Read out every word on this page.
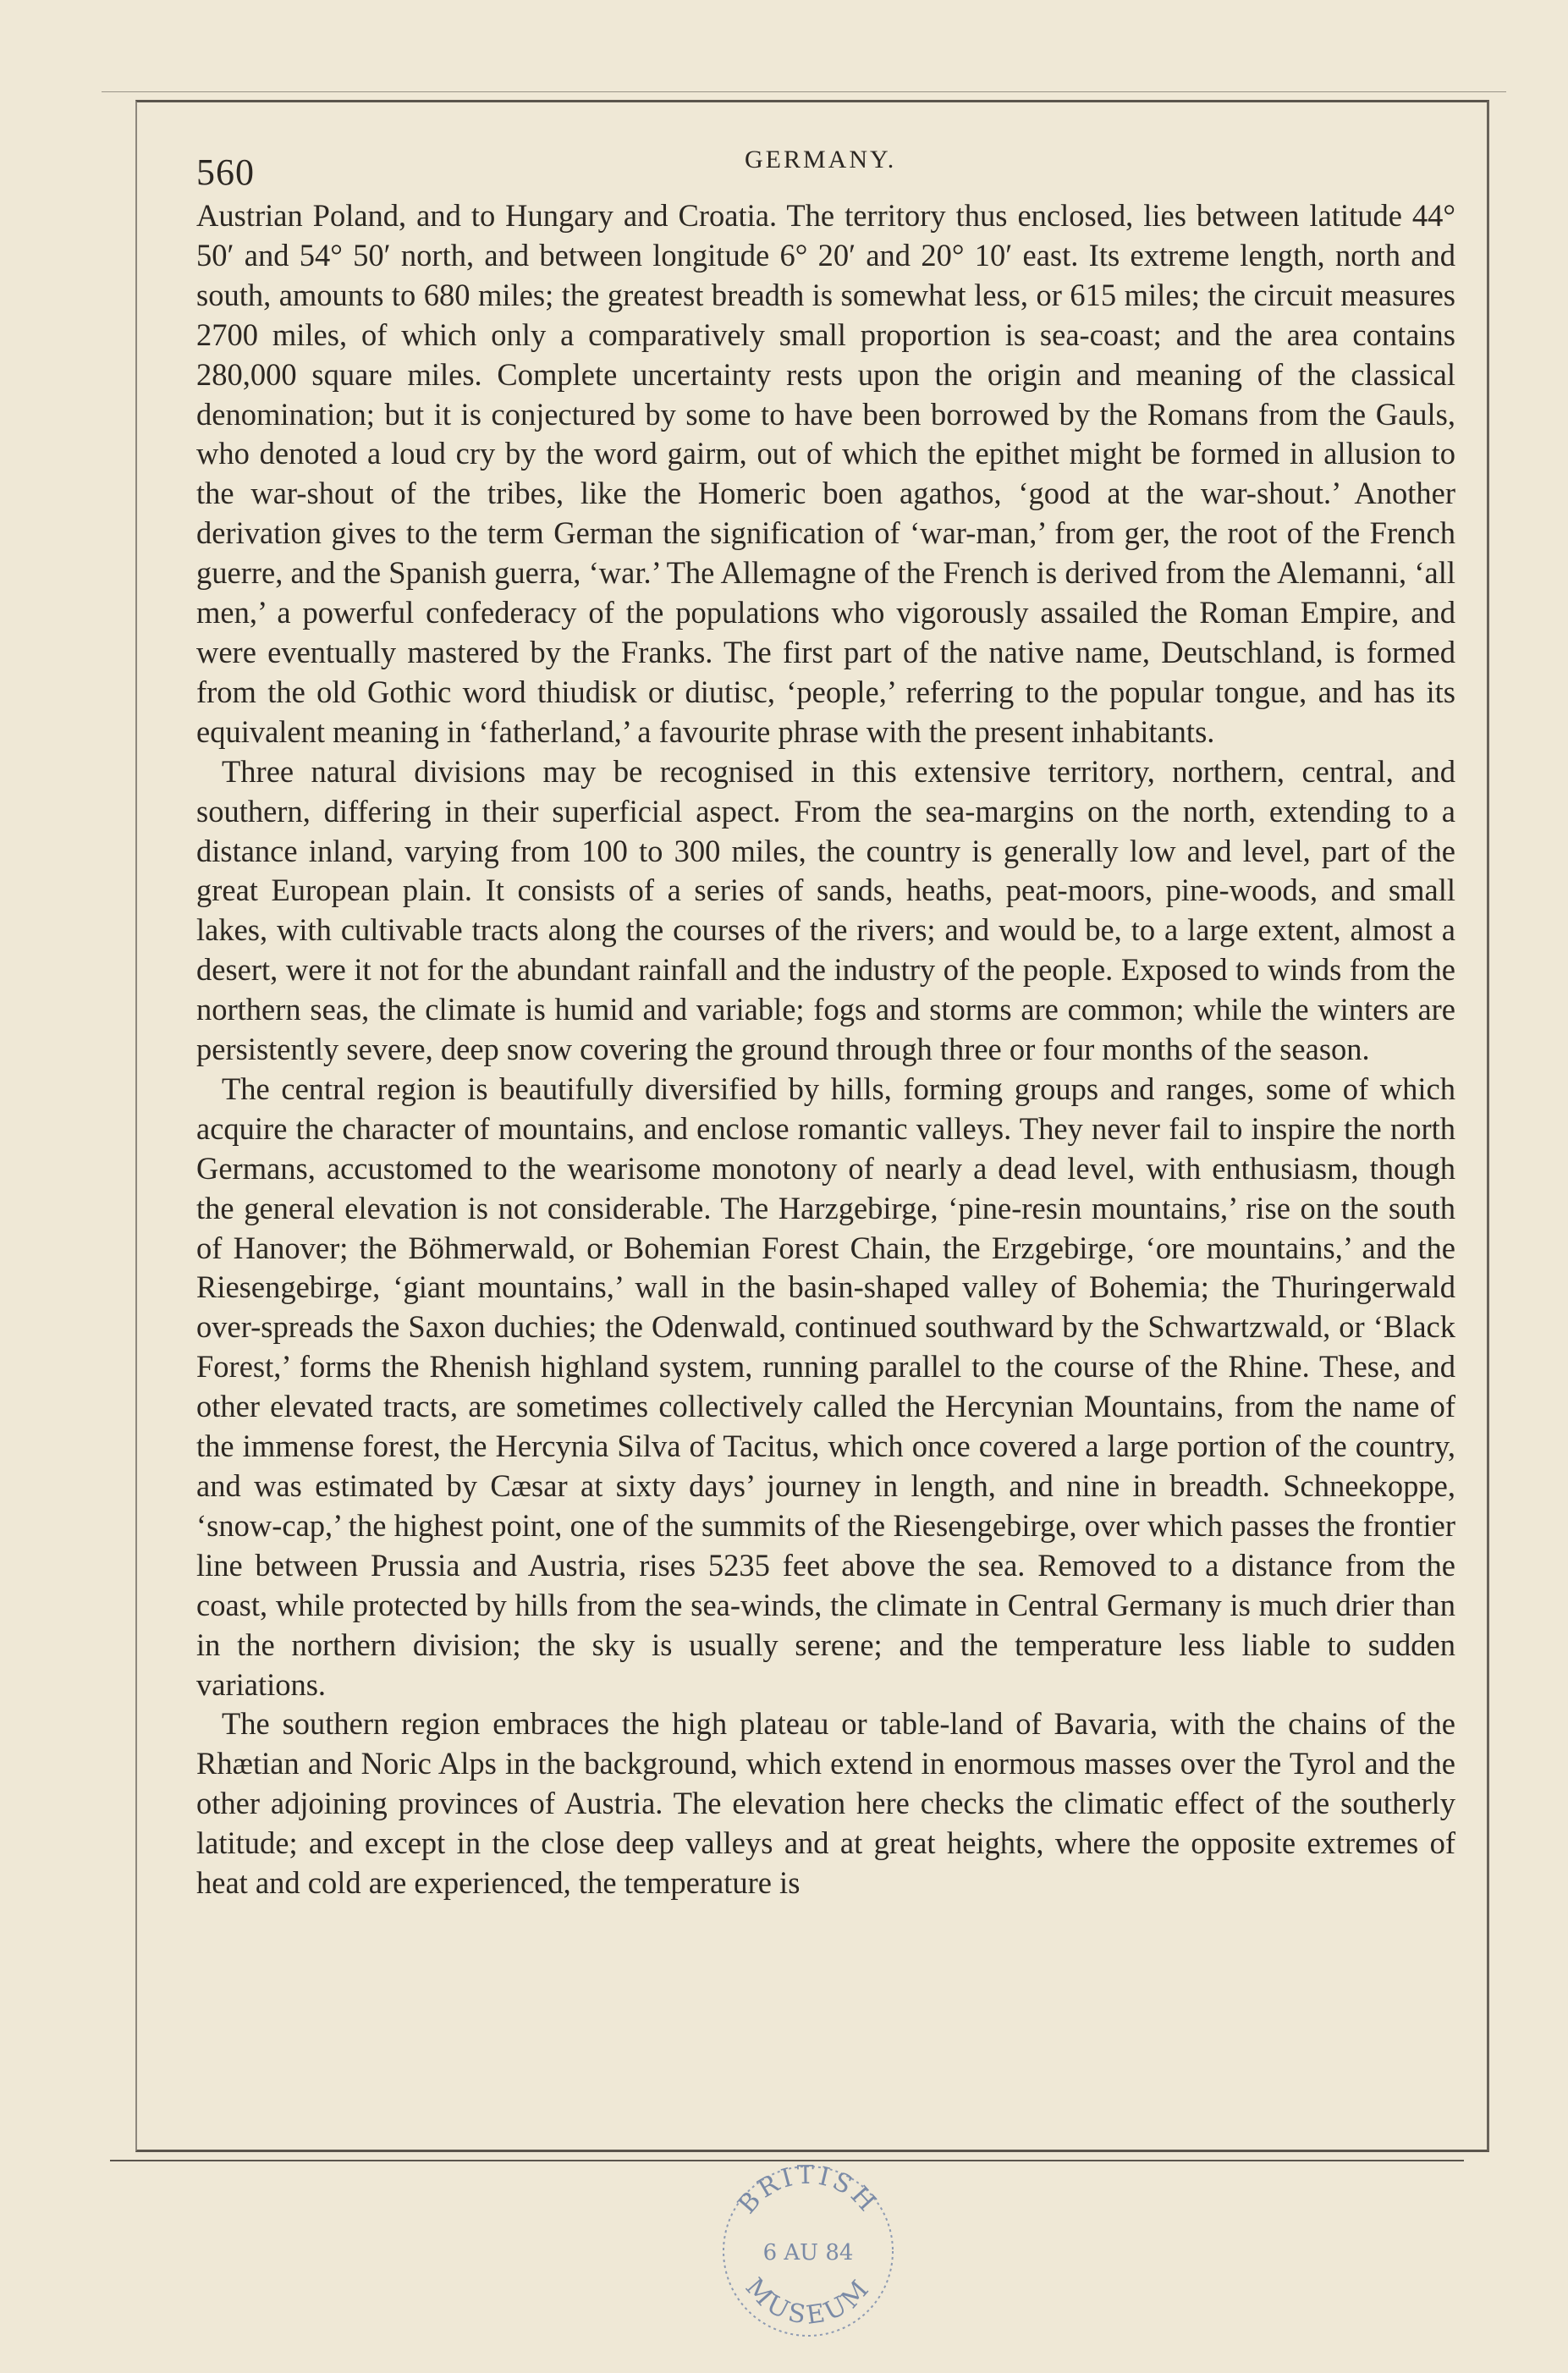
560	GERMANY.

Austrian Poland, and to Hungary and Croatia. The territory thus enclosed, lies between latitude 44° 50′ and 54° 50′ north, and between longitude 6° 20′ and 20° 10′ east. Its extreme length, north and south, amounts to 680 miles; the greatest breadth is somewhat less, or 615 miles; the circuit measures 2700 miles, of which only a comparatively small proportion is sea-coast; and the area contains 280,000 square miles. Complete uncertainty rests upon the origin and meaning of the classical denomination; but it is conjectured by some to have been borrowed by the Romans from the Gauls, who denoted a loud cry by the word gairm, out of which the epithet might be formed in allusion to the war-shout of the tribes, like the Homeric boen agathos, ‘good at the war-shout.’ Another derivation gives to the term German the signification of ‘war-man,’ from ger, the root of the French guerre, and the Spanish guerra, ‘war.’ The Allemagne of the French is derived from the Alemanni, ‘all men,’ a powerful confederacy of the populations who vigorously assailed the Roman Empire, and were eventually mastered by the Franks. The first part of the native name, Deutschland, is formed from the old Gothic word thiudisk or diutisc, ‘people,’ referring to the popular tongue, and has its equivalent meaning in ‘fatherland,’ a favourite phrase with the present inhabitants.

Three natural divisions may be recognised in this extensive territory, northern, central, and southern, differing in their superficial aspect. From the sea-margins on the north, extending to a distance inland, varying from 100 to 300 miles, the country is generally low and level, part of the great European plain. It consists of a series of sands, heaths, peat-moors, pine-woods, and small lakes, with cultivable tracts along the courses of the rivers; and would be, to a large extent, almost a desert, were it not for the abundant rainfall and the industry of the people. Exposed to winds from the northern seas, the climate is humid and variable; fogs and storms are common; while the winters are persistently severe, deep snow covering the ground through three or four months of the season.

The central region is beautifully diversified by hills, forming groups and ranges, some of which acquire the character of mountains, and enclose romantic valleys. They never fail to inspire the north Germans, accustomed to the wearisome monotony of nearly a dead level, with enthusiasm, though the general elevation is not considerable. The Harzgebirge, ‘pine-resin mountains,’ rise on the south of Hanover; the Böhmerwald, or Bohemian Forest Chain, the Erzgebirge, ‘ore mountains,’ and the Riesengebirge, ‘giant mountains,’ wall in the basin-shaped valley of Bohemia; the Thuringerwald over-spreads the Saxon duchies; the Odenwald, continued southward by the Schwartzwald, or ‘Black Forest,’ forms the Rhenish highland system, running parallel to the course of the Rhine. These, and other elevated tracts, are sometimes collectively called the Hercynian Mountains, from the name of the immense forest, the Hercynia Silva of Tacitus, which once covered a large portion of the country, and was estimated by Cæsar at sixty days’ journey in length, and nine in breadth. Schneekoppe, ‘snow-cap,’ the highest point, one of the summits of the Riesengebirge, over which passes the frontier line between Prussia and Austria, rises 5235 feet above the sea. Removed to a distance from the coast, while protected by hills from the sea-winds, the climate in Central Germany is much drier than in the northern division; the sky is usually serene; and the temperature less liable to sudden variations.

The southern region embraces the high plateau or table-land of Bavaria, with the chains of the Rhætian and Noric Alps in the background, which extend in enormous masses over the Tyrol and the other adjoining provinces of Austria. The elevation here checks the climatic effect of the southerly latitude; and except in the close deep valleys and at great heights, where the opposite extremes of heat and cold are experienced, the temperature is

BRITISH
6 AU 84
MUSEUM
